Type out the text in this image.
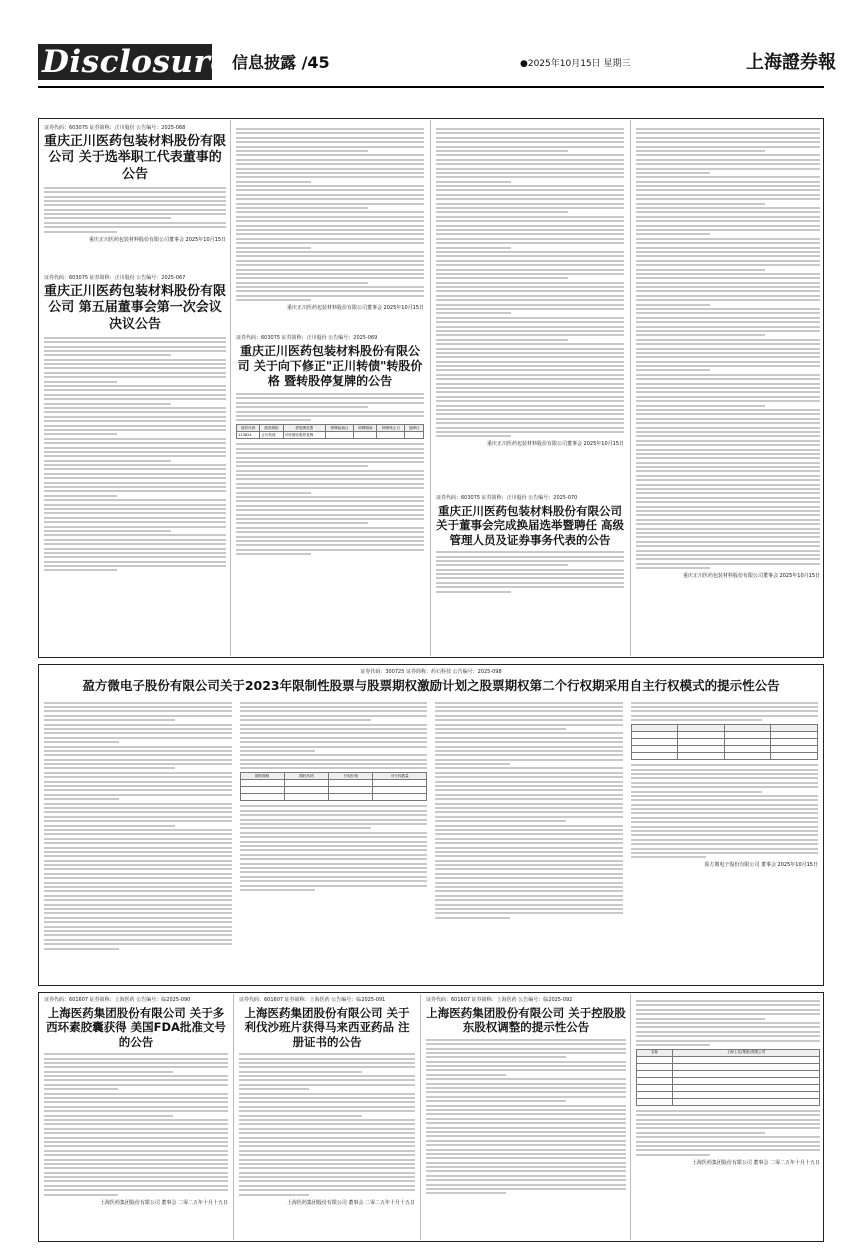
Disclosure 信息披露 /45	●2025年10月15日 星期三	上海證券報
证券代码：603075 证券简称：正川股份 公告编号：2025-068
重庆正川医药包装材料股份有限公司 关于选举职工代表董事的公告
重庆正川医药包装材料股份有限公司董事会 2025年10月15日
证券代码：603075 证券简称：正川股份 公告编号：2025-067
重庆正川医药包装材料股份有限公司 第五届董事会第一次会议决议公告
重庆正川医药包装材料股份有限公司董事会 2025年10月15日
证券代码：603075 证券简称：正川股份 公告编号：2025-069
重庆正川医药包装材料股份有限公司 关于向下修正"正川转债"转股价格 暨转股停复牌的公告
债券代码	债券简称	停复牌类型	停牌起始日	停牌期间	停牌终止日	复牌日
113624	正川转债	可转债转股停复牌				
重庆正川医药包装材料股份有限公司董事会 2025年10月15日
证券代码：603075 证券简称：正川股份 公告编号：2025-070
重庆正川医药包装材料股份有限公司 关于董事会完成换届选举暨聘任 高级管理人员及证券事务代表的公告
重庆正川医药包装材料股份有限公司董事会 2025年10月15日
证券代码：300725 证券简称：药石科技 公告编号：2025-098
盈方微电子股份有限公司关于2023年限制性股票与股票期权激励计划之股票期权第二个行权期采用自主行权模式的提示性公告
期权简称	期权代码	行权价格	可行权数量

盈方微电子股份有限公司 董事会 2025年10月15日
证券代码：601607 证券简称：上海医药 公告编号：临2025-090
上海医药集团股份有限公司 关于多西环素胶囊获得 美国FDA批准文号的公告
上海医药集团股份有限公司 董事会 二零二五年十月十五日
证券代码：601607 证券简称：上海医药 公告编号：临2025-091
上海医药集团股份有限公司 关于利伐沙班片获得马来西亚药品 注册证书的公告
上海医药集团股份有限公司 董事会 二零二五年十月十五日
证券代码：601607 证券简称：上海医药 公告编号：临2025-092
上海医药集团股份有限公司 关于控股股东股权调整的提示性公告
名称	上海上实(集团)有限公司

上海医药集团股份有限公司 董事会 二零二五年十月十五日
